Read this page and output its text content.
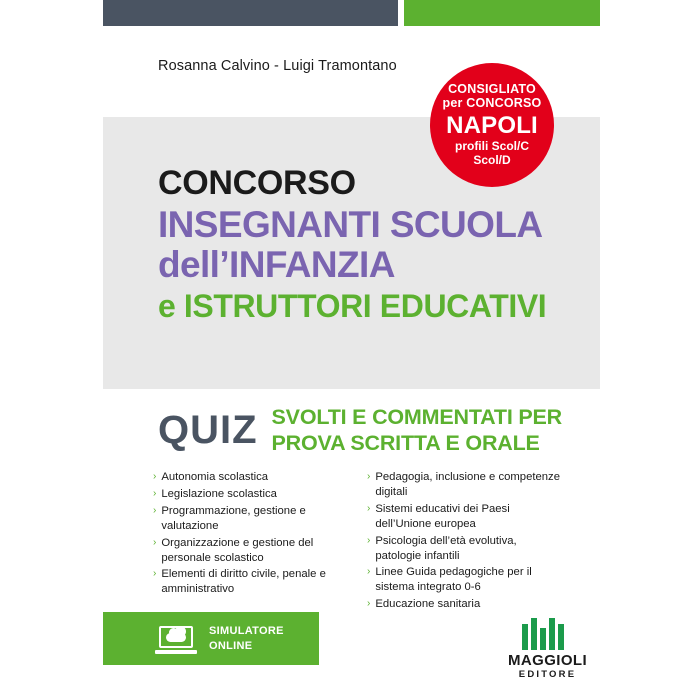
Rosanna Calvino - Luigi Tramontano
CONCORSO
INSEGNANTI SCUOLA
dell’INFANZIA
e ISTRUTTORI EDUCATIVI
CONSIGLIATO
per CONCORSO
NAPOLI
profili Scol/C
Scol/D
QUIZ SVOLTI E COMMENTATI PER
PROVA SCRITTA E ORALE
› Autonomia scolastica
› Legislazione scolastica
› Programmazione, gestione e valutazione
› Organizzazione e gestione del personale scolastico
› Elementi di diritto civile, penale e amministrativo
› Pedagogia, inclusione e competenze digitali
› Sistemi educativi dei Paesi dell’Unione europea
› Psicologia dell’età evolutiva, patologie infantili
› Linee Guida pedagogiche per il sistema integrato 0-6
› Educazione sanitaria
SIMULATORE
ONLINE
MAGGIOLI
EDITORE
